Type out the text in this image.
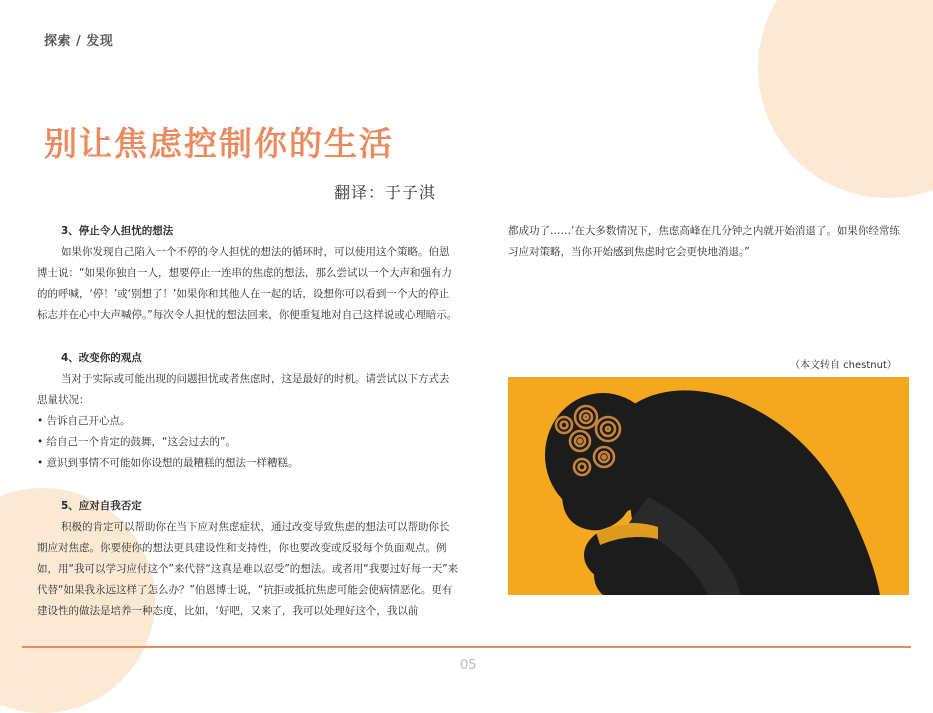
探索 / 发现
别让焦虑控制你的生活
翻译：于子淇
3、停止令人担忧的想法

如果你发现自己陷入一个不停的令人担忧的想法的循环时，可以使用这个策略。伯恩博士说：“如果你独自一人，想要停止一连串的焦虑的想法，那么尝试以一个大声和强有力的的呼喊，‘停！’或‘别想了！’如果你和其他人在一起的话，设想你可以看到一个大的停止标志并在心中大声喊停。”每次令人担忧的想法回来，你便重复地对自己这样说或心理暗示。

4、改变你的观点

当对于实际或可能出现的问题担忧或者焦虑时，这是最好的时机。请尝试以下方式去思量状况：

• 告诉自己开心点。

• 给自己一个肯定的鼓舞，“这会过去的”。

• 意识到事情不可能如你设想的最糟糕的想法一样糟糕。

5、应对自我否定

积极的肯定可以帮助你在当下应对焦虑症状，通过改变导致焦虑的想法可以帮助你长期应对焦虑。你要使你的想法更具建设性和支持性，你也要改变或反驳每个负面观点。例如，用“我可以学习应付这个”来代替“这真是难以忍受”的想法。或者用“我要过好每一天”来代替“如果我永远这样了怎么办？”伯恩博士说，“抗拒或抵抗焦虑可能会使病情恶化。更有建设性的做法是培养一种态度，比如，‘好吧，又来了，我可以处理好这个，我以前

都成功了……’在大多数情况下，焦虑高峰在几分钟之内就开始消退了。如果你经常练习应对策略，当你开始感到焦虑时它会更快地消退。”

（本文转自 chestnut）
05
